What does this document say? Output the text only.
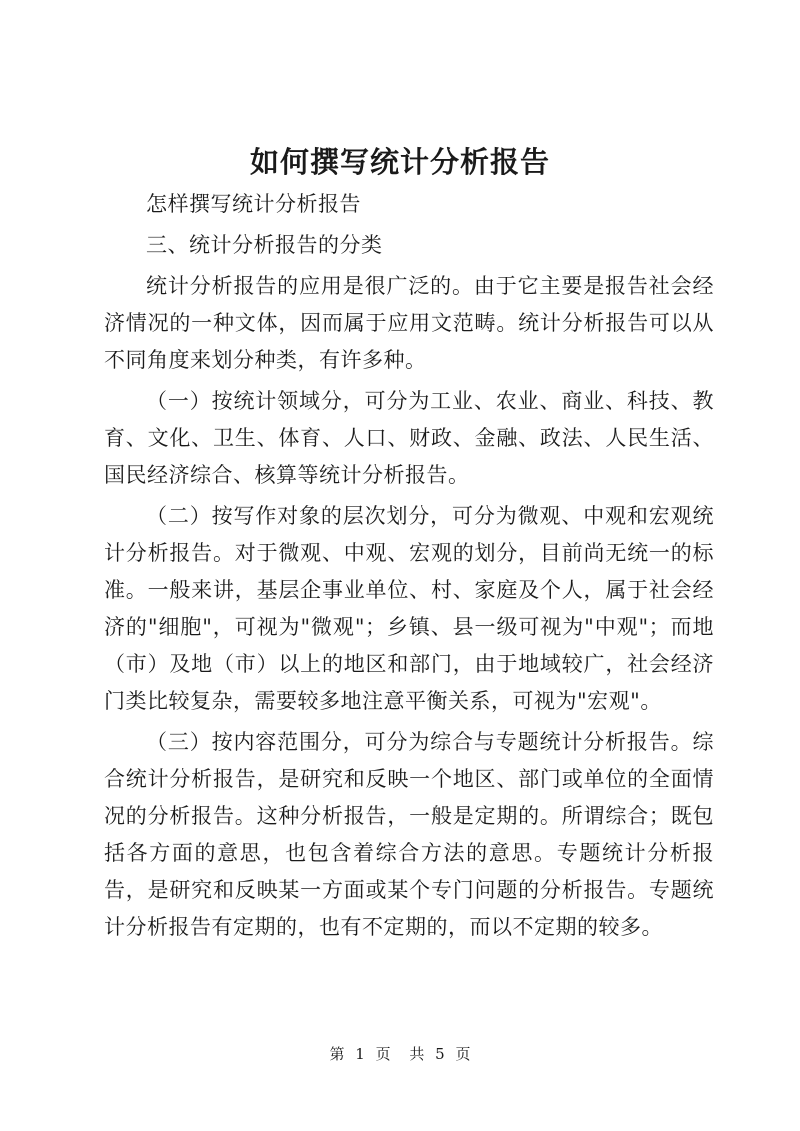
如何撰写统计分析报告

怎样撰写统计分析报告

三、统计分析报告的分类

统计分析报告的应用是很广泛的。由于它主要是报告社会经济情况的一种文体，因而属于应用文范畴。统计分析报告可以从不同角度来划分种类，有许多种。

（一）按统计领域分，可分为工业、农业、商业、科技、教育、文化、卫生、体育、人口、财政、金融、政法、人民生活、国民经济综合、核算等统计分析报告。

（二）按写作对象的层次划分，可分为微观、中观和宏观统计分析报告。对于微观、中观、宏观的划分，目前尚无统一的标准。一般来讲，基层企事业单位、村、家庭及个人，属于社会经济的"细胞"，可视为"微观"；乡镇、县一级可视为"中观"；而地（市）及地（市）以上的地区和部门，由于地域较广，社会经济门类比较复杂，需要较多地注意平衡关系，可视为"宏观"。

（三）按内容范围分，可分为综合与专题统计分析报告。综合统计分析报告，是研究和反映一个地区、部门或单位的全面情况的分析报告。这种分析报告，一般是定期的。所谓综合；既包括各方面的意思，也包含着综合方法的意思。专题统计分析报告，是研究和反映某一方面或某个专门问题的分析报告。专题统计分析报告有定期的，也有不定期的，而以不定期的较多。

第 1 页 共 5 页
